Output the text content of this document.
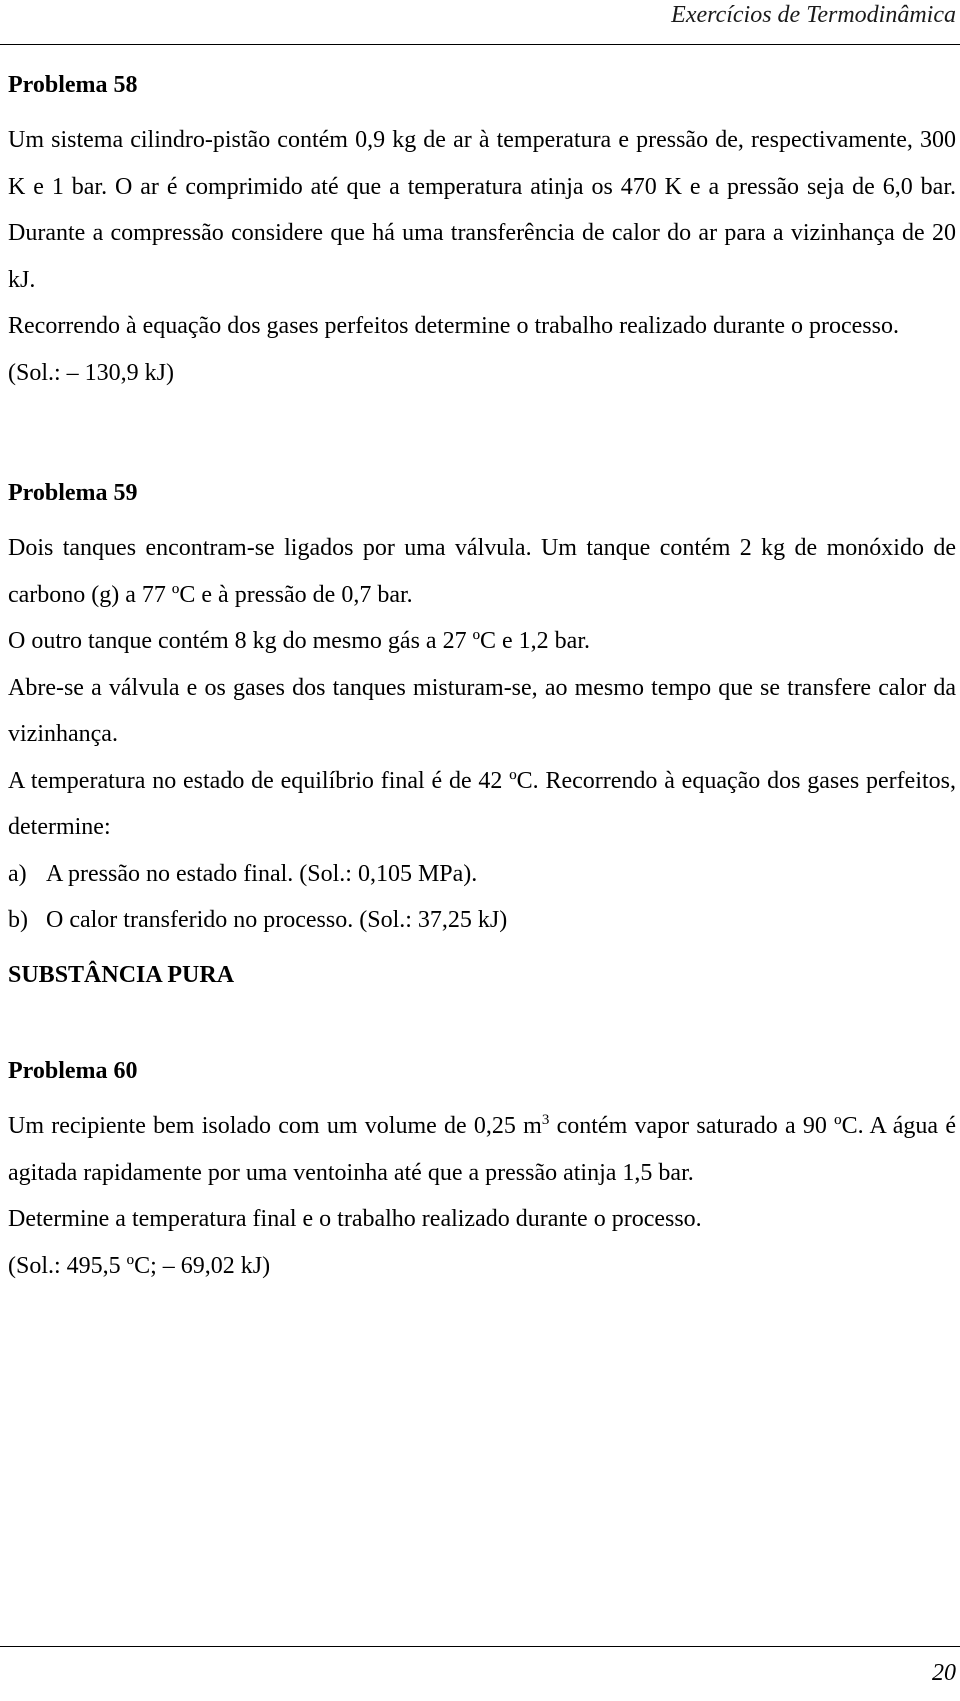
Exercícios de Termodinâmica
Problema 58

Um sistema cilindro-pistão contém 0,9 kg de ar à temperatura e pressão de, respectivamente, 300 K e 1 bar. O ar é comprimido até que a temperatura atinja os 470 K e a pressão seja de 6,0 bar. Durante a compressão considere que há uma transferência de calor do ar para a vizinhança de 20 kJ.

Recorrendo à equação dos gases perfeitos determine o trabalho realizado durante o processo.

(Sol.: – 130,9 kJ)

Problema 59

Dois tanques encontram-se ligados por uma válvula. Um tanque contém 2 kg de monóxido de carbono (g) a 77 ºC e à pressão de 0,7 bar.

O outro tanque contém 8 kg do mesmo gás a 27 ºC e 1,2 bar.

Abre-se a válvula e os gases dos tanques misturam-se, ao mesmo tempo que se transfere calor da vizinhança.

A temperatura no estado de equilíbrio final é de 42 ºC. Recorrendo à equação dos gases perfeitos, determine:

a) A pressão no estado final. (Sol.: 0,105 MPa).

b) O calor transferido no processo. (Sol.: 37,25 kJ)

SUBSTÂNCIA PURA
Problema 60

Um recipiente bem isolado com um volume de 0,25 $m^3$ contém vapor saturado a 90 ºC. A água é agitada rapidamente por uma ventoinha até que a pressão atinja 1,5 bar.

Determine a temperatura final e o trabalho realizado durante o processo.

(Sol.: 495,5 ºC; – 69,02 kJ)

20
